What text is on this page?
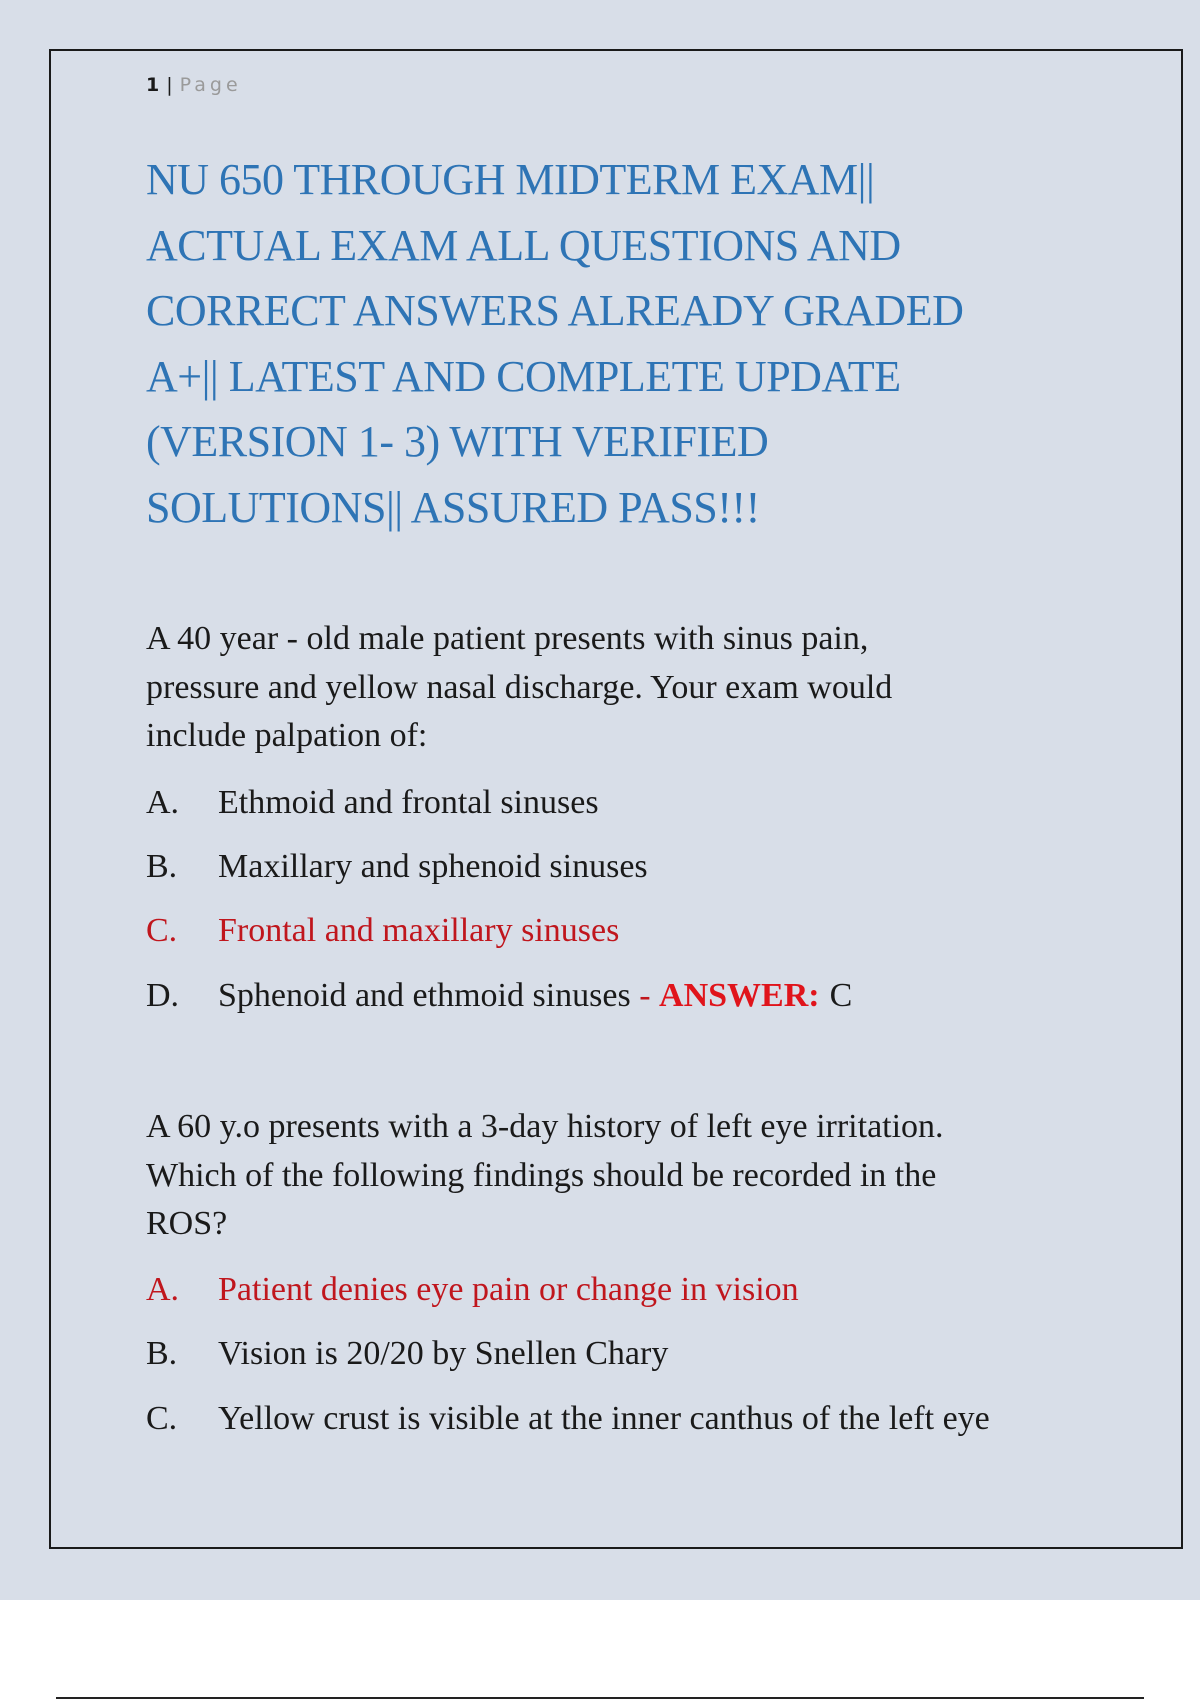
1 | Page
NU 650 THROUGH MIDTERM EXAM||
ACTUAL EXAM ALL QUESTIONS AND
CORRECT ANSWERS ALREADY GRADED
A+|| LATEST AND COMPLETE UPDATE
(VERSION 1- 3) WITH VERIFIED
SOLUTIONS|| ASSURED PASS!!!

A 40 year - old male patient presents with sinus pain,
pressure and yellow nasal discharge. Your exam would
include palpation of:

A. Ethmoid and frontal sinuses
B. Maxillary and sphenoid sinuses
C. Frontal and maxillary sinuses
D. Sphenoid and ethmoid sinuses - ANSWER: C

A 60 y.o presents with a 3-day history of left eye irritation.
Which of the following findings should be recorded in the
ROS?

A. Patient denies eye pain or change in vision
B. Vision is 20/20 by Snellen Chary
C. Yellow crust is visible at the inner canthus of the left eye
